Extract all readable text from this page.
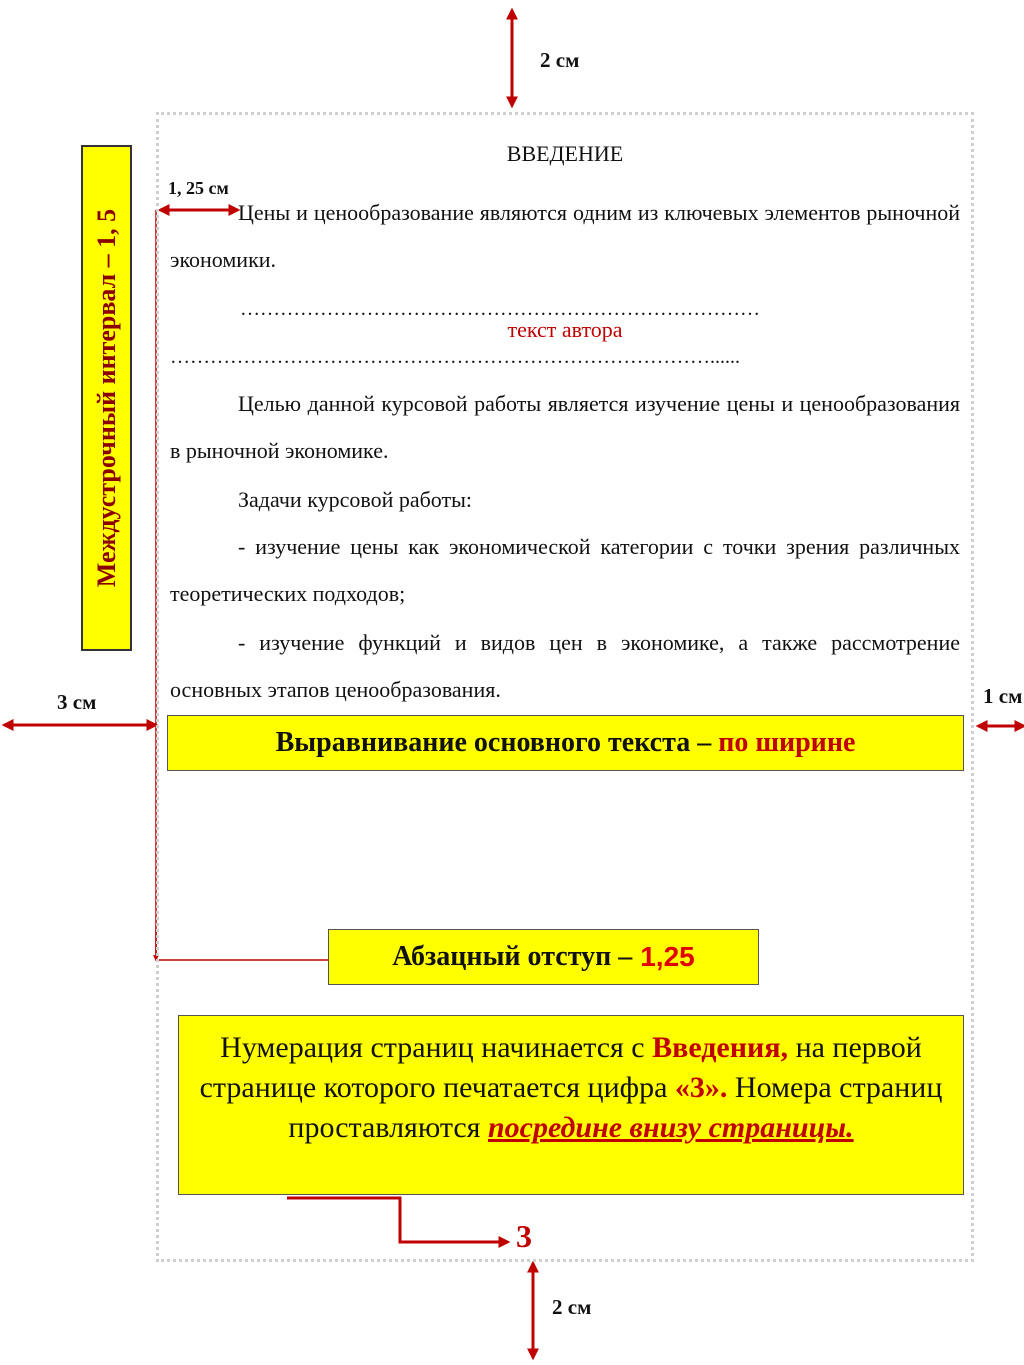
2 см
2 см
3 см	1 см
1, 25 см
Междустрочный интервал – 1, 5
ВВЕДЕНИЕ
Цены и ценообразование являются одним из ключевых элементов рыночной экономики.
……………………………………………………………………
текст автора
………………………………………………………………………......
Целью данной курсовой работы является изучение цены и ценообразования в рыночной экономике.
Задачи курсовой работы:
- изучение цены как экономической категории с точки зрения различных теоретических подходов;
- изучение функций и видов цен в экономике, а также рассмотрение основных этапов ценообразования.
Выравнивание основного текста –
по ширине
Абзацный отступ – 1,25
Нумерация страниц начинается с Введения, на первой странице которого печатается цифра «3». Номера страниц проставляются посредине внизу страницы.
3
